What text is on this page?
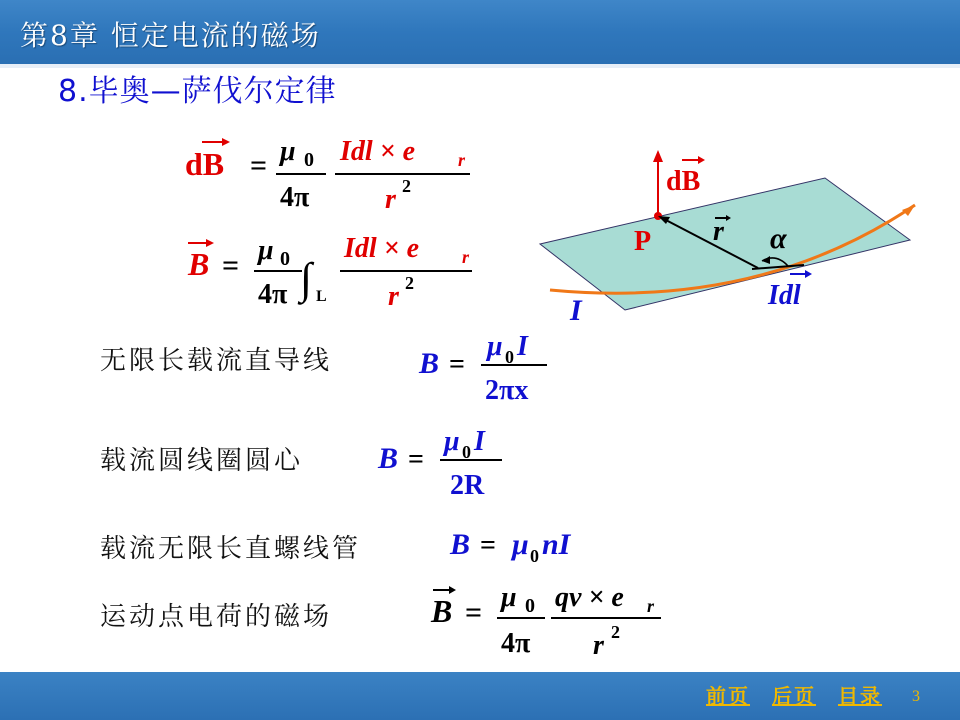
第8章 恒定电流的磁场
8.毕奥—萨伐尔定律
dB = μ 0
4π
Idl × e r
r 2
B = μ 0
4π ∫ L
Idl × e r
r 2
dB
P r α
Idl
I
无限长载流直导线	B =
μ 0 I
2πx
载流圆线圈圆心 B =
μ 0 I
2R
载流无限长直螺线管	B = μ 0 nI
运动点电荷的磁场	B = μ 0
4π
qv × e r
r 2
前页 后页 目录 3
